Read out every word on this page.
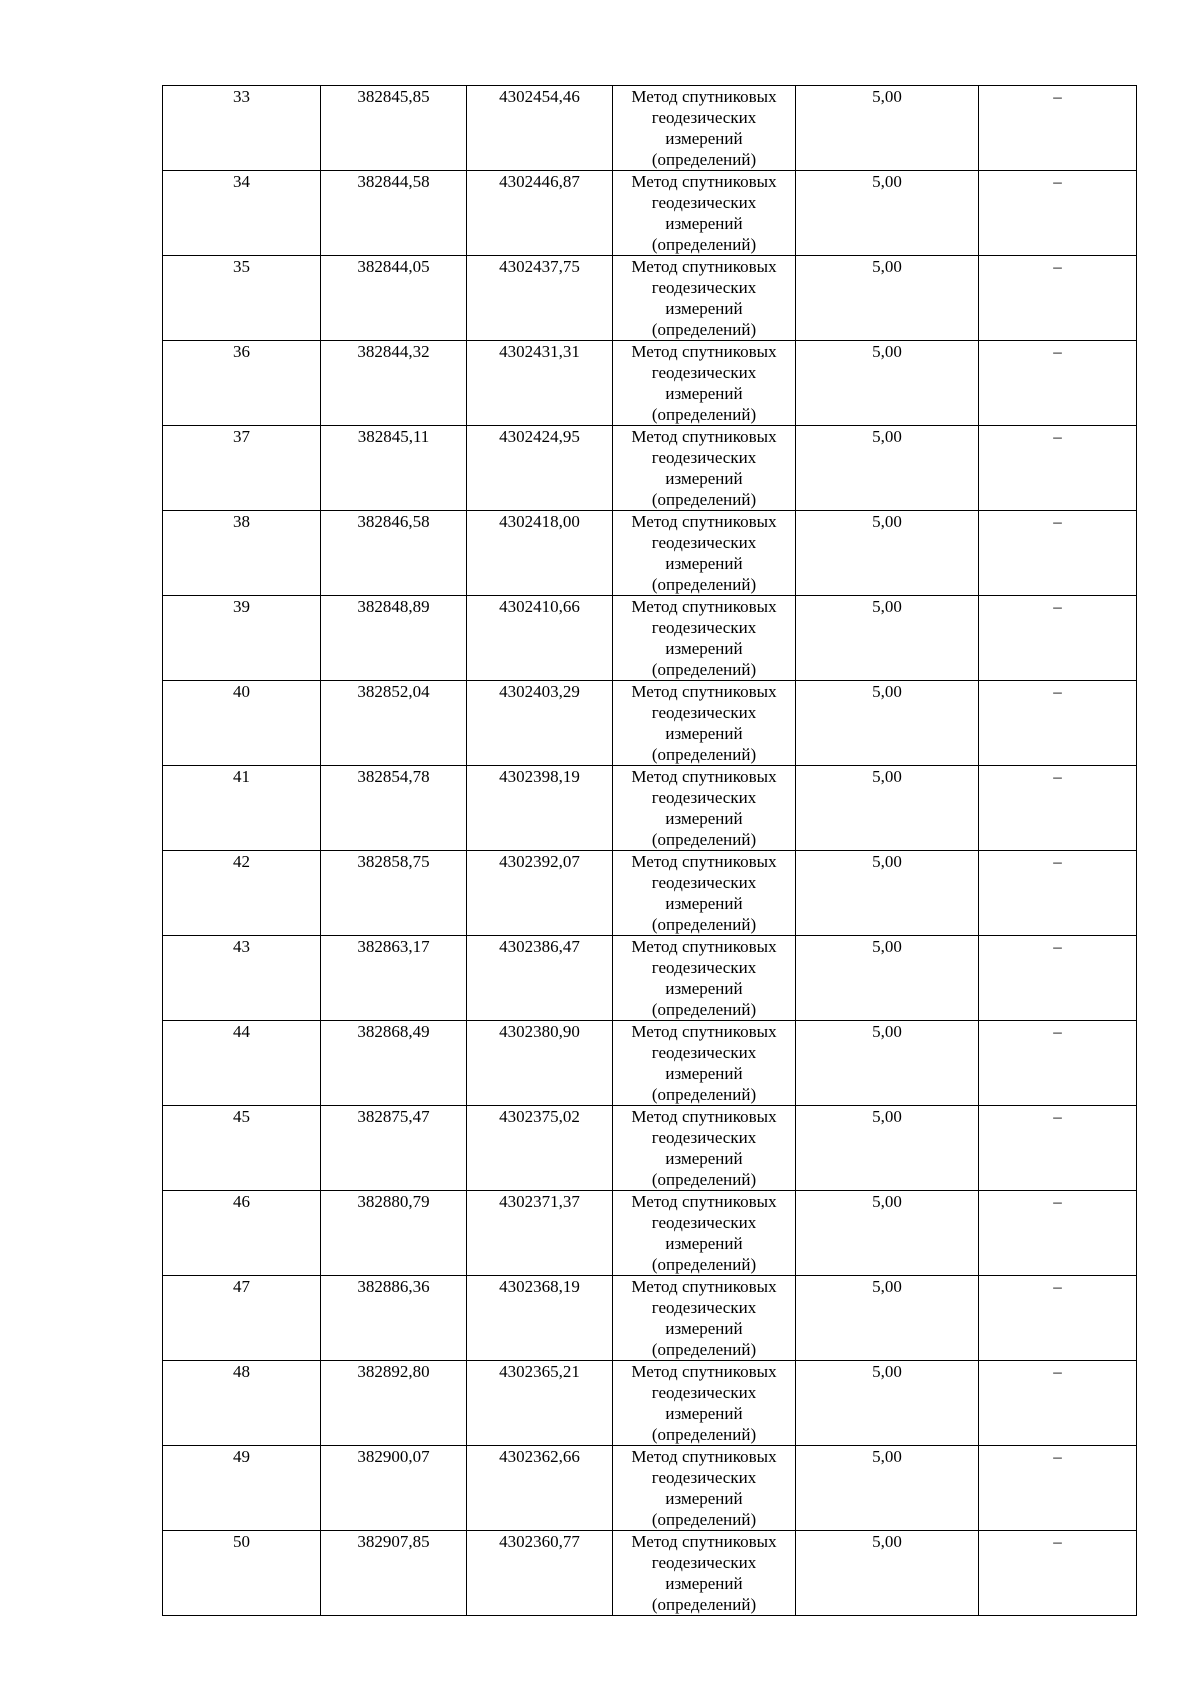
33	382845,85	4302454,46	Метод спутниковых геодезических измерений (определений)	5,00	–
34	382844,58	4302446,87	Метод спутниковых геодезических измерений (определений)	5,00	–
35	382844,05	4302437,75	Метод спутниковых геодезических измерений (определений)	5,00	–
36	382844,32	4302431,31	Метод спутниковых геодезических измерений (определений)	5,00	–
37	382845,11	4302424,95	Метод спутниковых геодезических измерений (определений)	5,00	–
38	382846,58	4302418,00	Метод спутниковых геодезических измерений (определений)	5,00	–
39	382848,89	4302410,66	Метод спутниковых геодезических измерений (определений)	5,00	–
40	382852,04	4302403,29	Метод спутниковых геодезических измерений (определений)	5,00	–
41	382854,78	4302398,19	Метод спутниковых геодезических измерений (определений)	5,00	–
42	382858,75	4302392,07	Метод спутниковых геодезических измерений (определений)	5,00	–
43	382863,17	4302386,47	Метод спутниковых геодезических измерений (определений)	5,00	–
44	382868,49	4302380,90	Метод спутниковых геодезических измерений (определений)	5,00	–
45	382875,47	4302375,02	Метод спутниковых геодезических измерений (определений)	5,00	–
46	382880,79	4302371,37	Метод спутниковых геодезических измерений (определений)	5,00	–
47	382886,36	4302368,19	Метод спутниковых геодезических измерений (определений)	5,00	–
48	382892,80	4302365,21	Метод спутниковых геодезических измерений (определений)	5,00	–
49	382900,07	4302362,66	Метод спутниковых геодезических измерений (определений)	5,00	–
50	382907,85	4302360,77	Метод спутниковых геодезических измерений (определений)	5,00	–
